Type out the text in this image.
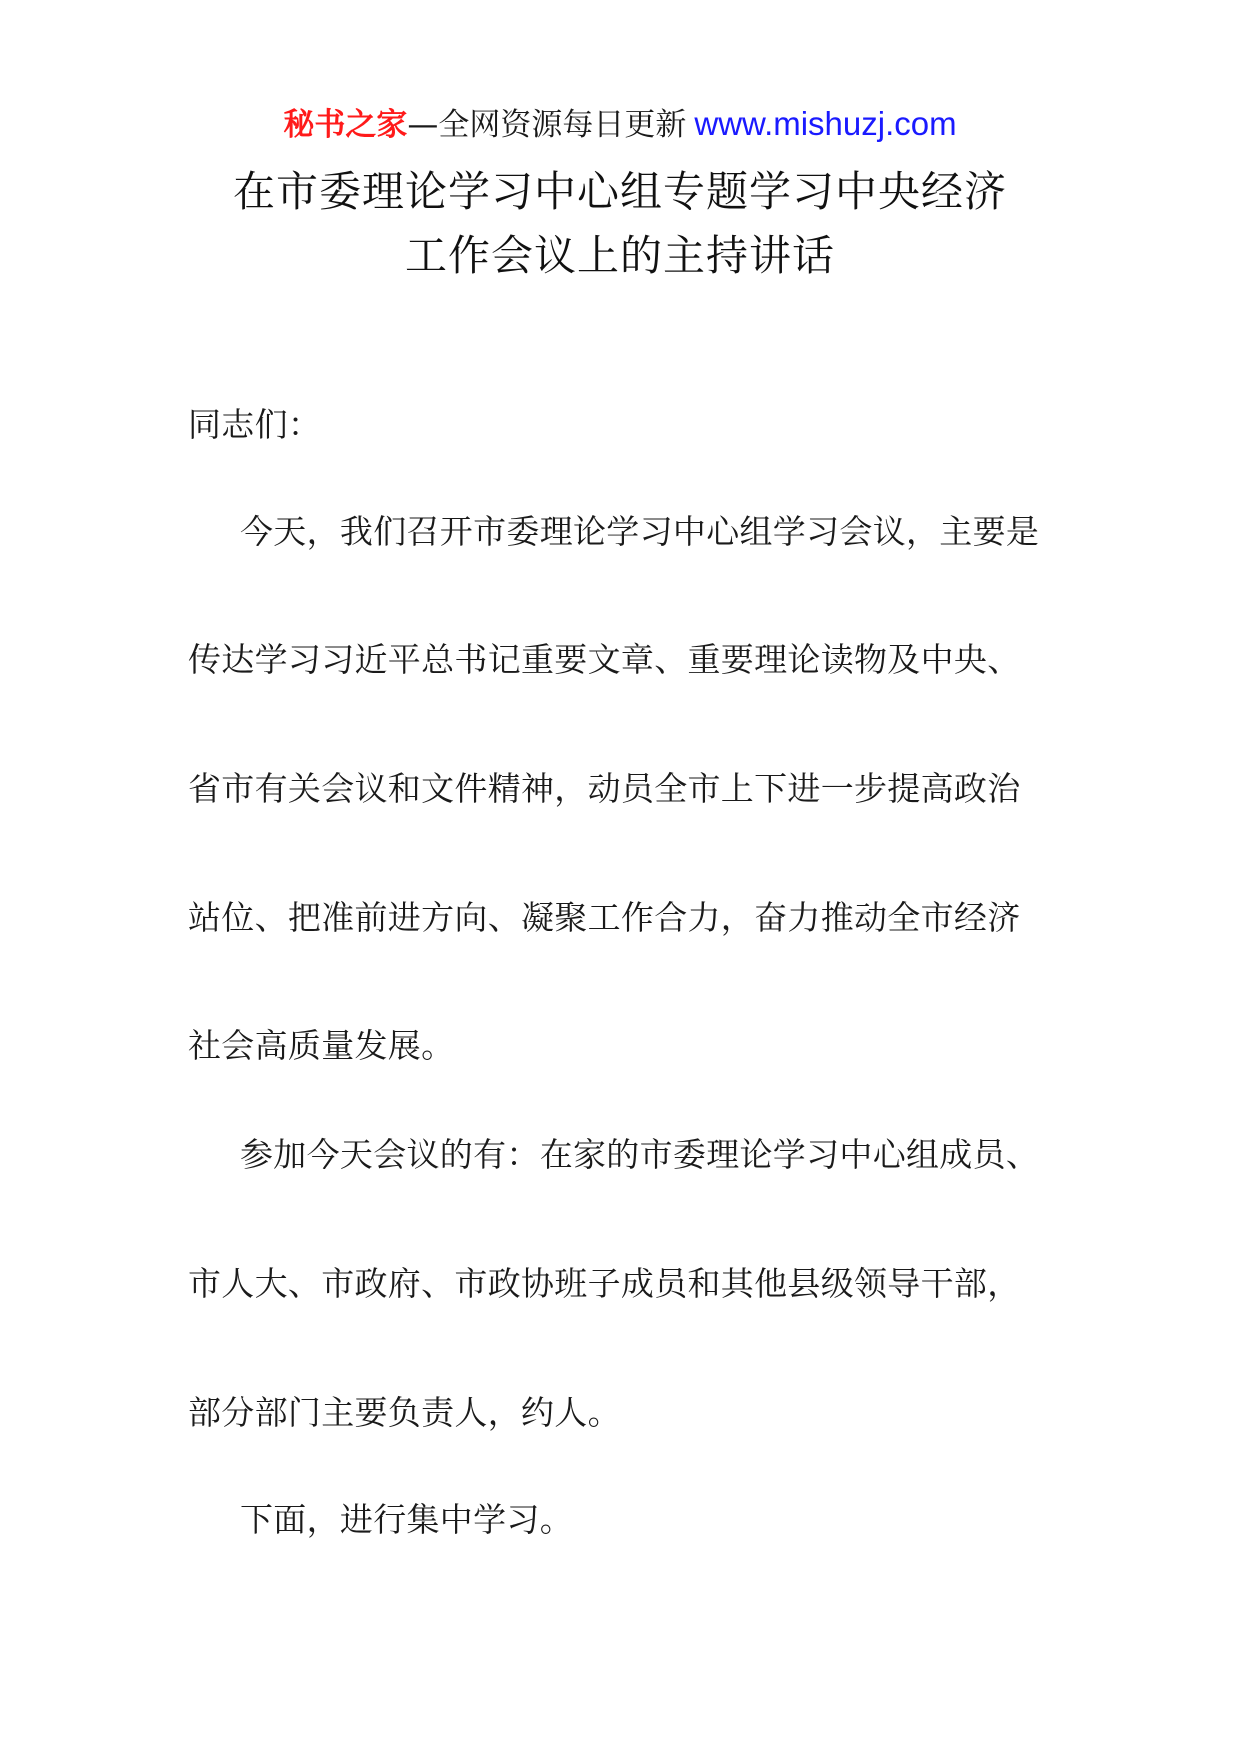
秘书之家—全网资源每日更新 www.mishuzj.com
在市委理论学习中心组专题学习中央经济
工作会议上的主持讲话
同志们：
今天，我们召开市委理论学习中心组学习会议，主要是
传达学习习近平总书记重要文章、重要理论读物及中央、
省市有关会议和文件精神，动员全市上下进一步提高政治
站位、把准前进方向、凝聚工作合力，奋力推动全市经济
社会高质量发展。
参加今天会议的有：在家的市委理论学习中心组成员、
市人大、市政府、市政协班子成员和其他县级领导干部，
部分部门主要负责人，约人。
下面，进行集中学习。
